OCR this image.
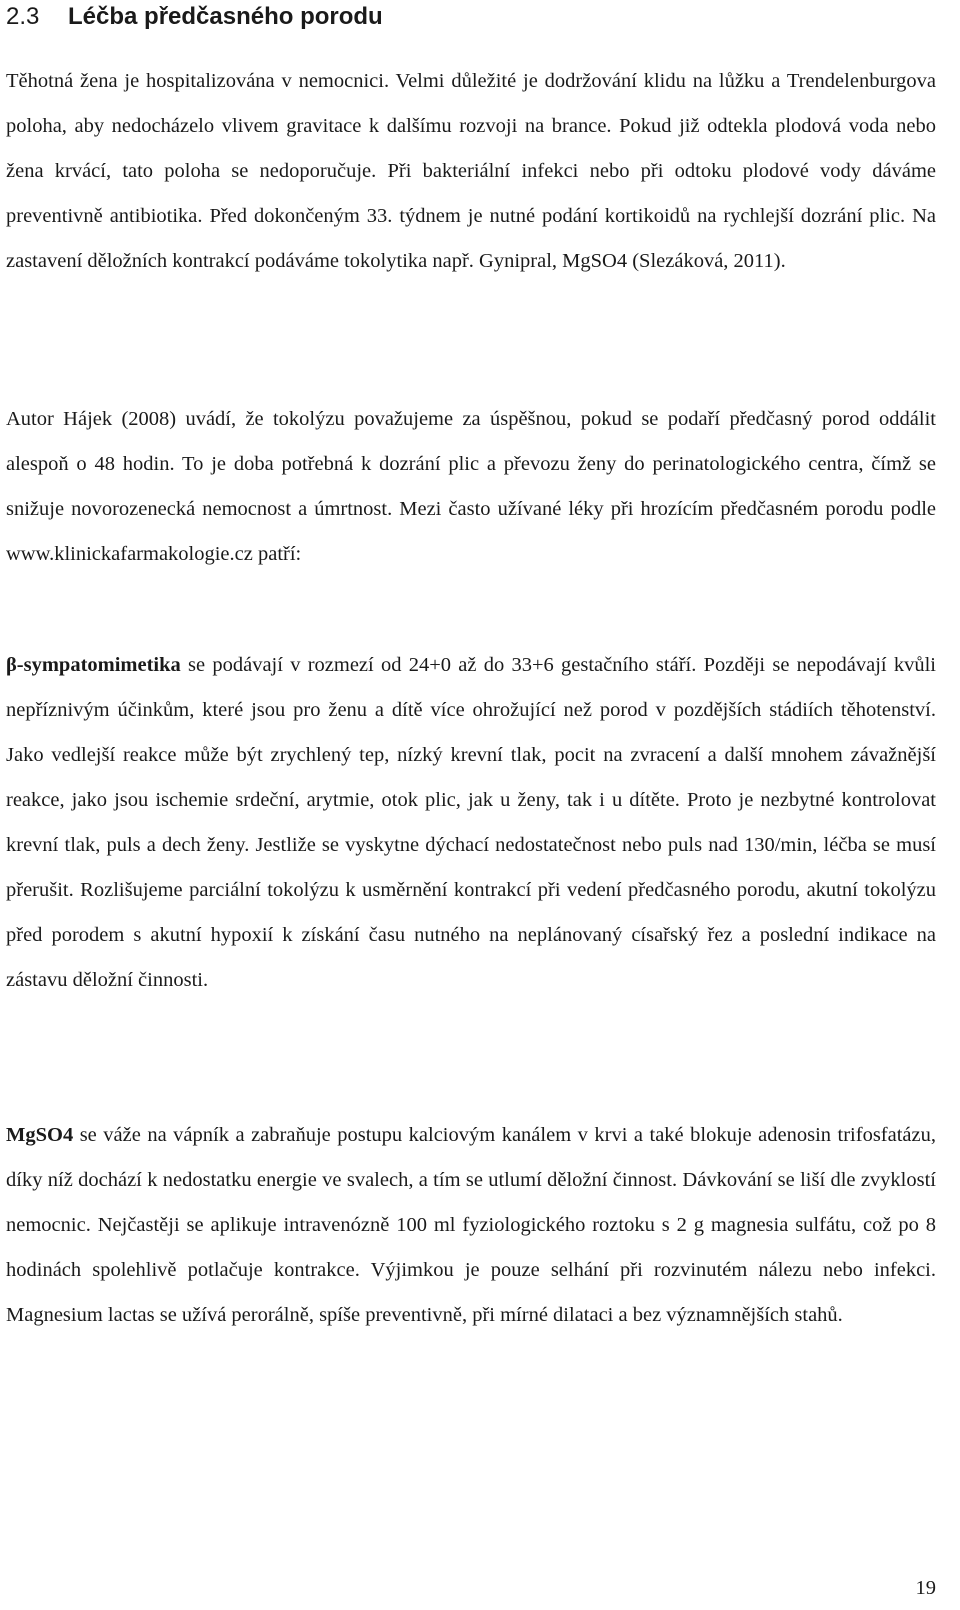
2.3 Léčba předčasného porodu

Těhotná žena je hospitalizována v nemocnici. Velmi důležité je dodržování klidu na lůžku a Trendelenburgova poloha, aby nedocházelo vlivem gravitace k dalšímu rozvoji na brance. Pokud již odtekla plodová voda nebo žena krvácí, tato poloha se nedoporučuje. Při bakteriální infekci nebo při odtoku plodové vody dáváme preventivně antibiotika. Před dokončeným 33. týdnem je nutné podání kortikoidů na rychlejší dozrání plic. Na zastavení děložních kontrakcí podáváme tokolytika např. Gynipral, MgSO4 (Slezáková, 2011).

Autor Hájek (2008) uvádí, že tokolýzu považujeme za úspěšnou, pokud se podaří předčasný porod oddálit alespoň o 48 hodin. To je doba potřebná k dozrání plic a převozu ženy do perinatologického centra, čímž se snižuje novorozenecká nemocnost a úmrtnost. Mezi často užívané léky při hrozícím předčasném porodu podle www.klinickafarmakologie.cz patří:

β-sympatomimetika se podávají v rozmezí od 24+0 až do 33+6 gestačního stáří. Později se nepodávají kvůli nepříznivým účinkům, které jsou pro ženu a dítě více ohrožující než porod v pozdějších stádiích těhotenství. Jako vedlejší reakce může být zrychlený tep, nízký krevní tlak, pocit na zvracení a další mnohem závažnější reakce, jako jsou ischemie srdeční, arytmie, otok plic, jak u ženy, tak i u dítěte. Proto je nezbytné kontrolovat krevní tlak, puls a dech ženy. Jestliže se vyskytne dýchací nedostatečnost nebo puls nad 130/min, léčba se musí přerušit. Rozlišujeme parciální tokolýzu k usměrnění kontrakcí při vedení předčasného porodu, akutní tokolýzu před porodem s akutní hypoxií k získání času nutného na neplánovaný císařský řez a poslední indikace na zástavu děložní činnosti.

MgSO4 se váže na vápník a zabraňuje postupu kalciovým kanálem v krvi a také blokuje adenosin trifosfatázu, díky níž dochází k nedostatku energie ve svalech, a tím se utlumí děložní činnost. Dávkování se liší dle zvyklostí nemocnic. Nejčastěji se aplikuje intravenózně 100 ml fyziologického roztoku s 2 g magnesia sulfátu, což po 8 hodinách spolehlivě potlačuje kontrakce. Výjimkou je pouze selhání při rozvinutém nálezu nebo infekci. Magnesium lactas se užívá perorálně, spíše preventivně, při mírné dilataci a bez významnějších stahů.

19
